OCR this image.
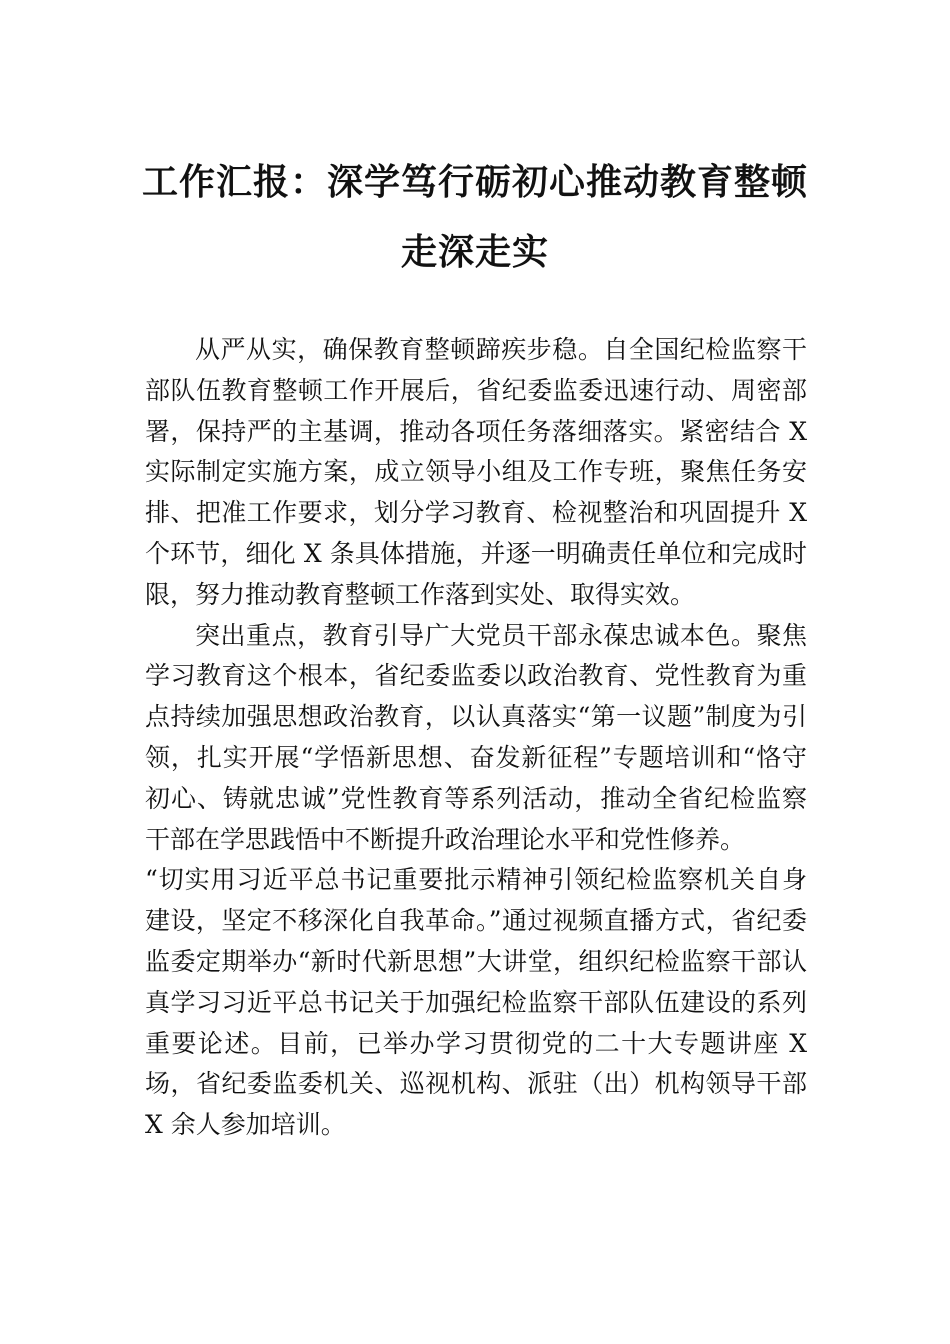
工作汇报：深学笃行砺初心推动教育整顿
走深走实

从严从实，确保教育整顿蹄疾步稳。自全国纪检监察干部队伍教育整顿工作开展后，省纪委监委迅速行动、周密部署，保持严的主基调，推动各项任务落细落实。紧密结合 X 实际制定实施方案，成立领导小组及工作专班，聚焦任务安排、把准工作要求，划分学习教育、检视整治和巩固提升 X 个环节，细化 X 条具体措施，并逐一明确责任单位和完成时限，努力推动教育整顿工作落到实处、取得实效。

突出重点，教育引导广大党员干部永葆忠诚本色。聚焦学习教育这个根本，省纪委监委以政治教育、党性教育为重点持续加强思想政治教育，以认真落实“第一议题”制度为引领，扎实开展“学悟新思想、奋发新征程”专题培训和“恪守初心、铸就忠诚”党性教育等系列活动，推动全省纪检监察干部在学思践悟中不断提升政治理论水平和党性修养。

“切实用习近平总书记重要批示精神引领纪检监察机关自身建设，坚定不移深化自我革命。”通过视频直播方式，省纪委监委定期举办“新时代新思想”大讲堂，组织纪检监察干部认真学习习近平总书记关于加强纪检监察干部队伍建设的系列重要论述。目前，已举办学习贯彻党的二十大专题讲座 X 场，省纪委监委机关、巡视机构、派驻（出）机构领导干部 X 余人参加培训。
